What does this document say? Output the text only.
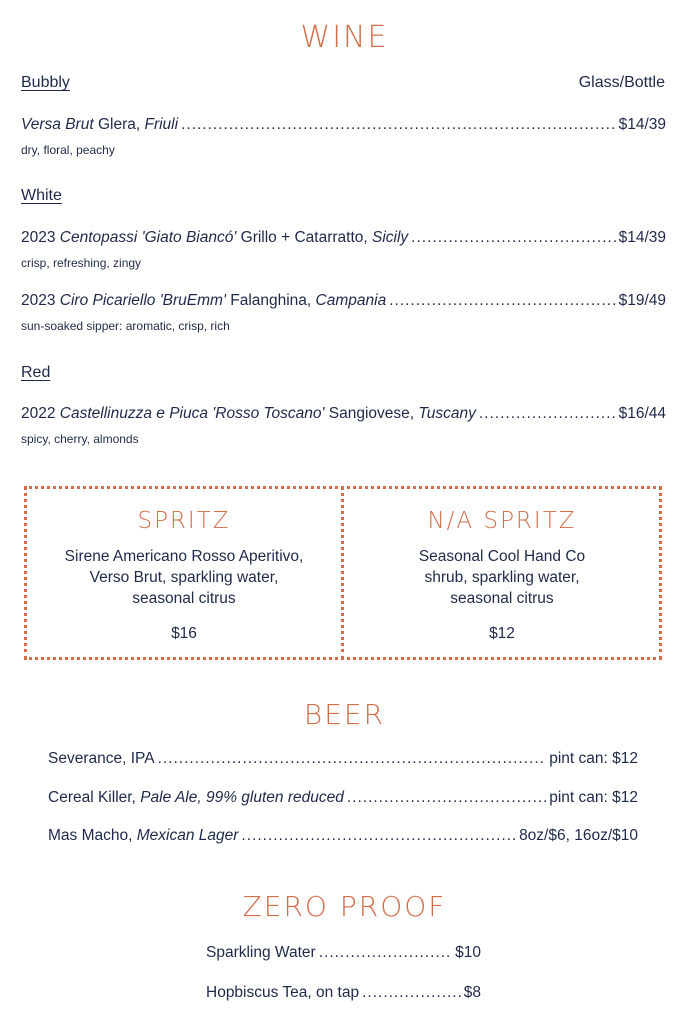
WINE
Bubbly	Glass/Bottle
Versa Brut Glera, Friuli .....	$14/39
dry, floral, peachy
White
2023 Centopassi 'Giato Biancó' Grillo + Catarratto, Sicily .....	$14/39
crisp, refreshing, zingy
2023 Ciro Picariello 'BruEmm' Falanghina, Campania .....	$19/49
sun-soaked sipper: aromatic, crisp, rich
Red
2022 Castellinuzza e Piuca 'Rosso Toscano' Sangiovese, Tuscany .....	$16/44
spicy, cherry, almonds
SPRITZ
Sirene Americano Rosso Aperitivo,
Verso Brut, sparkling water,
seasonal citrus
$16
N/A SPRITZ
Seasonal Cool Hand Co
shrub, sparkling water,
seasonal citrus
$12
BEER
Severance, IPA .....	pint can: $12
Cereal Killer, Pale Ale, 99% gluten reduced .....	pint can: $12
Mas Macho, Mexican Lager .....	8oz/$6, 16oz/$10
ZERO PROOF
Sparkling Water .....	$10
Hopbiscus Tea, on tap .....	$8
